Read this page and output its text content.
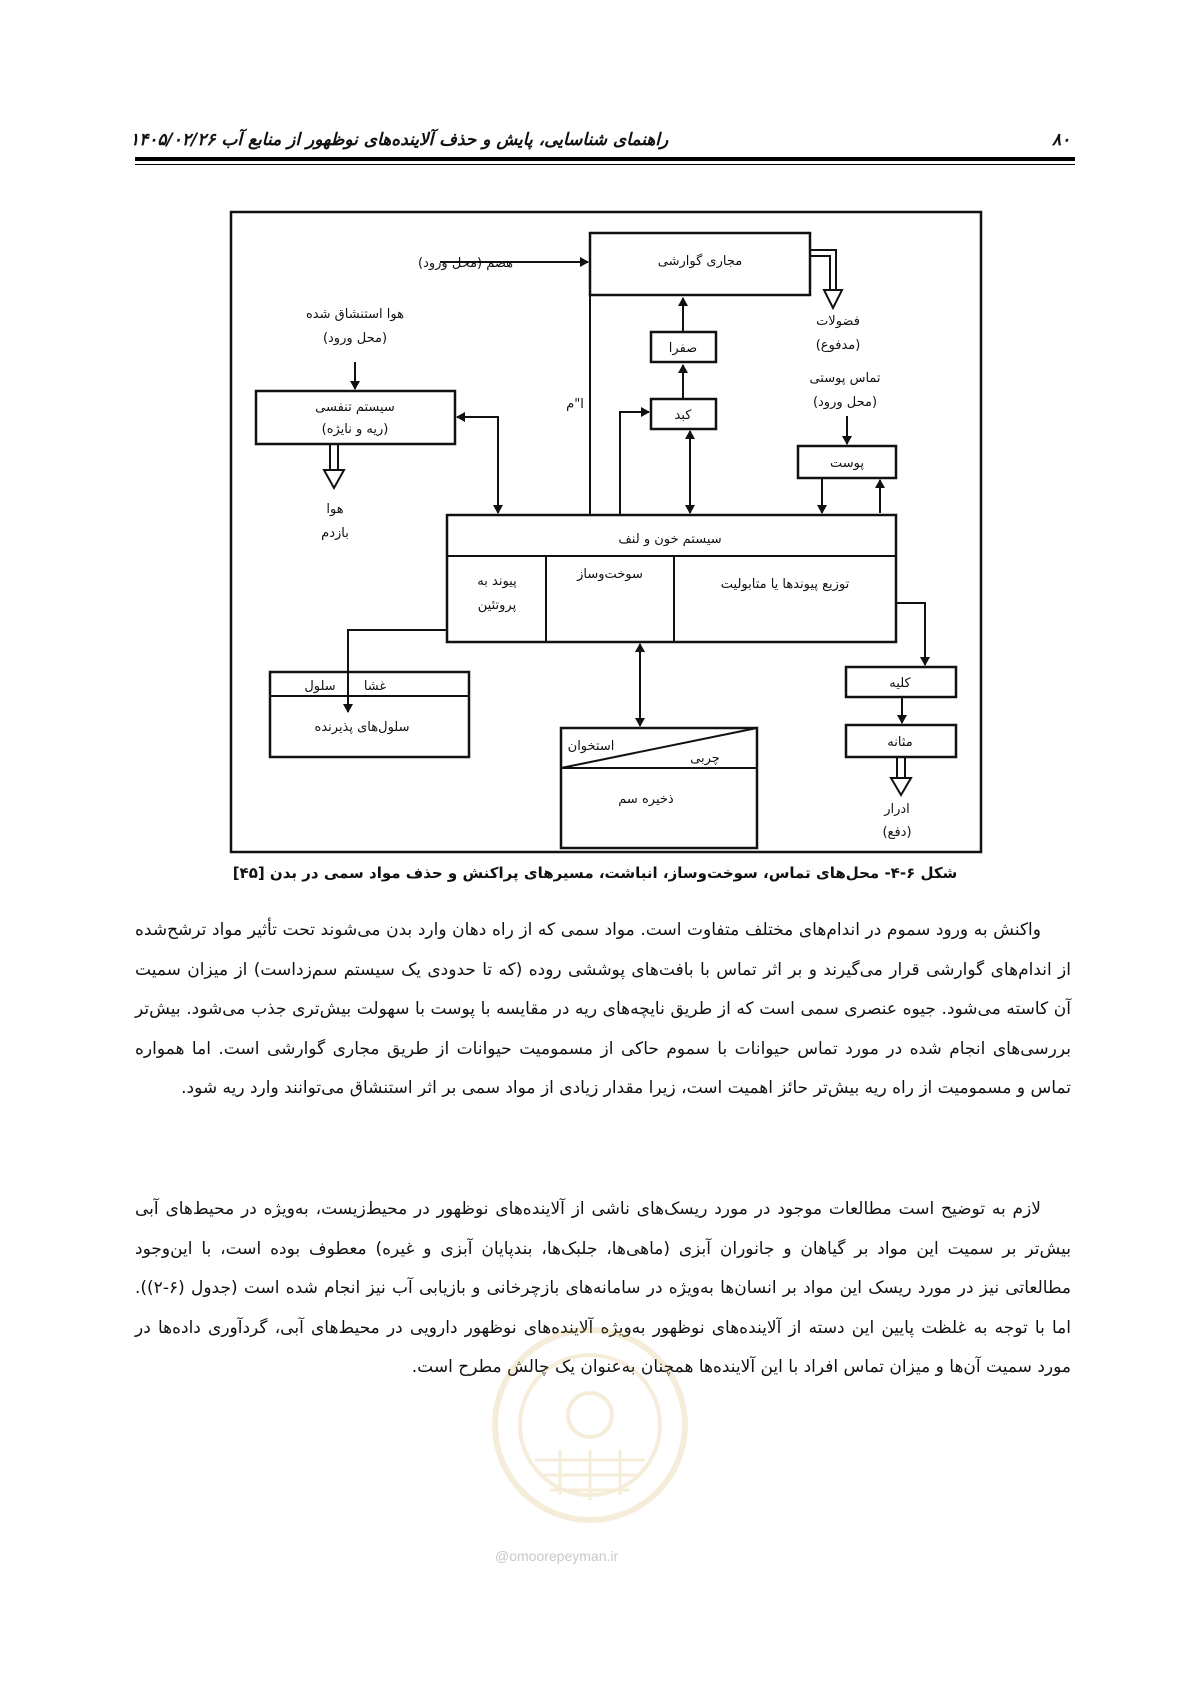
۸۰
راهنمای شناسایی، پایش و حذف آلاینده‌های نوظهور از منابع آب ۱۴۰۵/۰۲/۲۶
هضم (محل ورود)
هوا استنشاق شده
(محل ورود)
مجاری گوارشی
فضولات
(مدفوع)
صفرا
کبد
ا"م
تماس پوستی
(محل ورود)
پوست
سیستم تنفسی
(ریه و نایژه)
هوا
بازدم	سیستم خون و لنف
پیوند به
پروتئین
سوخت‌وساز
توزیع پیوندها یا متابولیت
غشا
سلول
سلول‌های پذیرنده
استخوان
چربی
ذخیره سم
کلیه
مثانه
ادرار
(دفع)
شکل ۶-۴- محل‌های تماس، سوخت‌وساز، انباشت، مسیرهای پراکنش و حذف مواد سمی در بدن [۴۵]

واکنش به ورود سموم در اندام‌های مختلف متفاوت است. مواد سمی که از راه دهان وارد بدن می‌شوند تحت تأثیر مواد ترشح‌شده از اندام‌های گوارشی قرار می‌گیرند و بر اثر تماس با بافت‌های پوششی روده (که تا حدودی یک سیستم سم‌زداست) از میزان سمیت آن کاسته می‌شود. جیوه عنصری سمی است که از طریق نایچه‌های ریه در مقایسه با پوست با سهولت بیش‌تری جذب می‌شود. بیش‌تر بررسی‌های انجام شده در مورد تماس حیوانات با سموم حاکی از مسمومیت حیوانات از طریق مجاری گوارشی است. اما همواره تماس و مسمومیت از راه ریه بیش‌تر حائز اهمیت است، زیرا مقدار زیادی از مواد سمی بر اثر استنشاق می‌توانند وارد ریه شود.

لازم به توضیح است مطالعات موجود در مورد ریسک‌های ناشی از آلاینده‌های نوظهور در محیط‌زیست، به‌ویژه در محیط‌های آبی بیش‌تر بر سمیت این مواد بر گیاهان و جانوران آبزی (ماهی‌ها، جلبک‌ها، بندپایان آبزی و غیره) معطوف بوده است، با این‌وجود مطالعاتی نیز در مورد ریسک این مواد بر انسان‌ها به‌ویژه در سامانه‌های بازچرخانی و بازیابی آب نیز انجام شده است (جدول (۶-۲)). اما با توجه به غلظت پایین این دسته از آلاینده‌های نوظهور به‌ویژه آلاینده‌های نوظهور دارویی در محیط‌های آبی، گردآوری داده‌ها در مورد سمیت آن‌ها و میزان تماس افراد با این آلاینده‌ها همچنان به‌عنوان یک چالش مطرح است.

@omoorepeyman.ir
